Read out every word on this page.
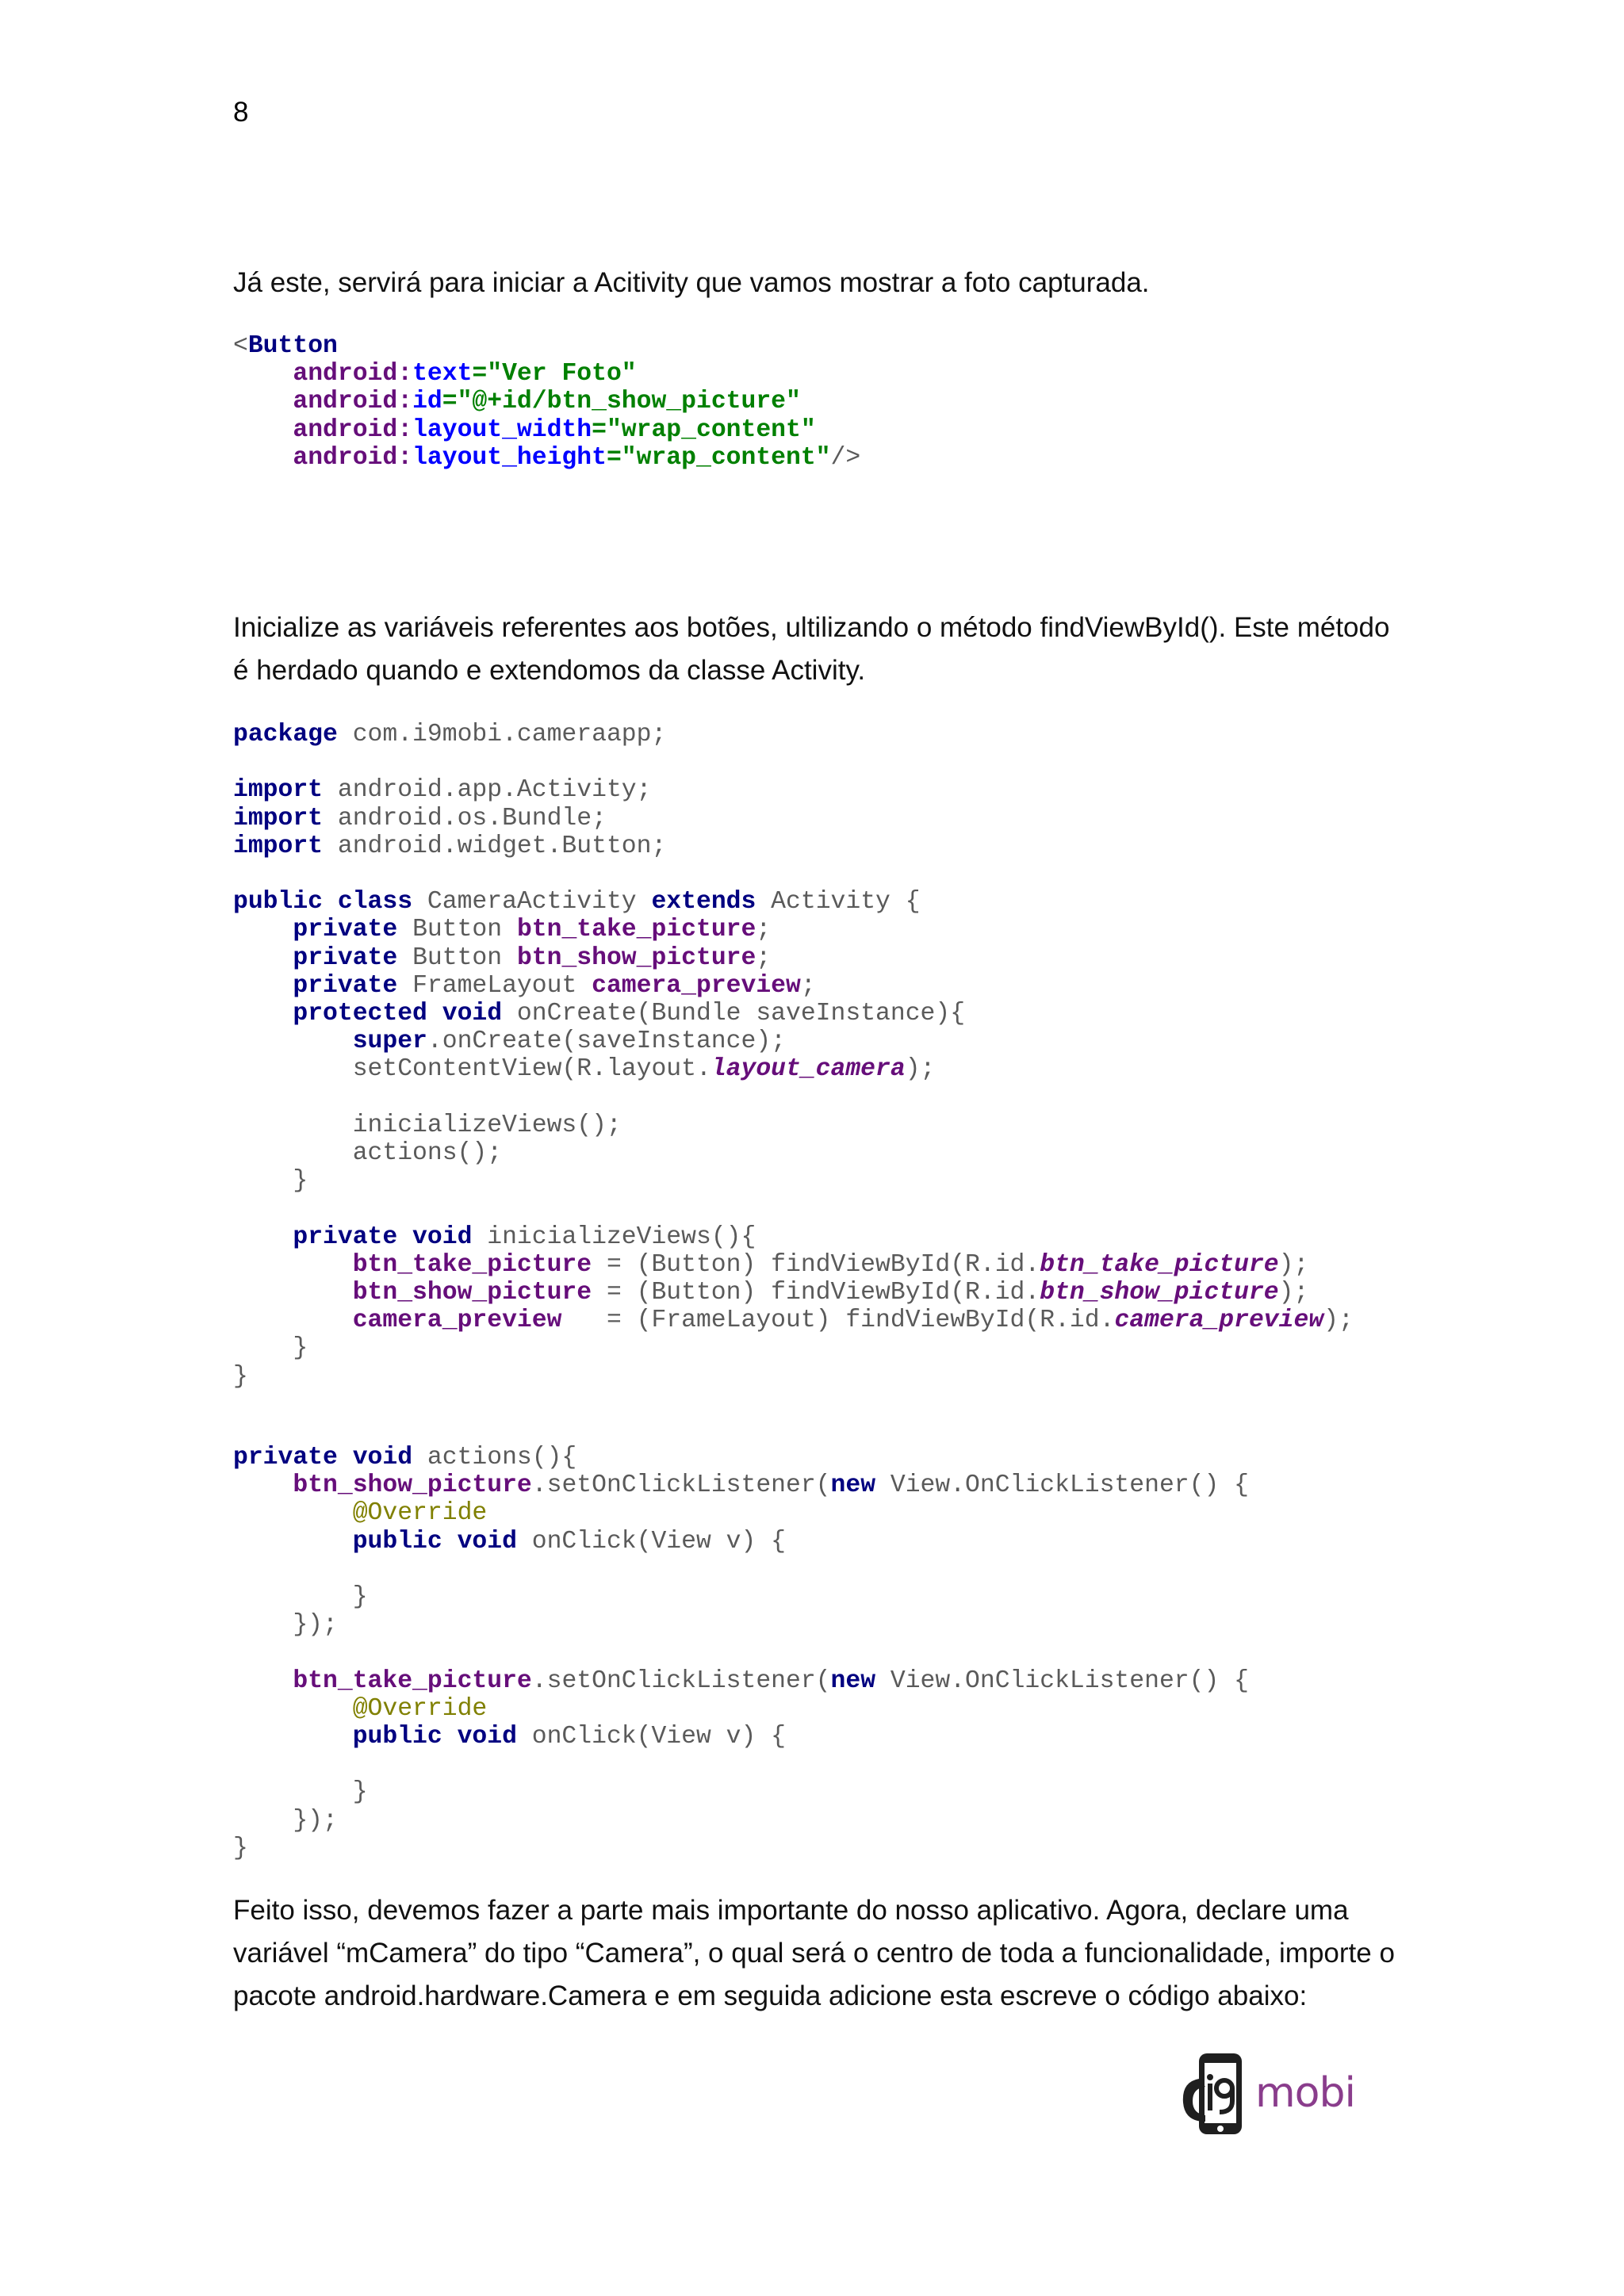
8
Já este, servirá para iniciar a Acitivity que vamos mostrar a foto capturada.
<Button
android:text="Ver Foto"
android:id="@+id/btn_show_picture"
android:layout_width="wrap_content"
android:layout_height="wrap_content"/>
Inicialize as variáveis referentes aos botões, ultilizando o método findViewById(). Este método é herdado quando e extendomos da classe Activity.
package com.i9mobi.cameraapp;

import android.app.Activity;
import android.os.Bundle;
import android.widget.Button;

public class CameraActivity extends Activity {
private Button btn_take_picture;
private Button btn_show_picture;
private FrameLayout camera_preview;
protected void onCreate(Bundle saveInstance){
super.onCreate(saveInstance);
setContentView(R.layout.layout_camera);

inicializeViews();
actions();
}

private void inicializeViews(){
btn_take_picture = (Button) findViewById(R.id.btn_take_picture);
btn_show_picture = (Button) findViewById(R.id.btn_show_picture);
camera_preview   = (FrameLayout) findViewById(R.id.camera_preview);
}
}
private void actions(){
btn_show_picture.setOnClickListener(new View.OnClickListener() {
@Override
public void onClick(View v) {

}
});

btn_take_picture.setOnClickListener(new View.OnClickListener() {
@Override
public void onClick(View v) {

}
});
}
Feito isso, devemos fazer a parte mais importante do nosso aplicativo. Agora, declare uma variável “mCamera” do tipo “Camera”, o qual será o centro de toda a funcionalidade, importe o pacote android.hardware.Camera e em seguida adicione esta escreve o código abaixo:
mobi
